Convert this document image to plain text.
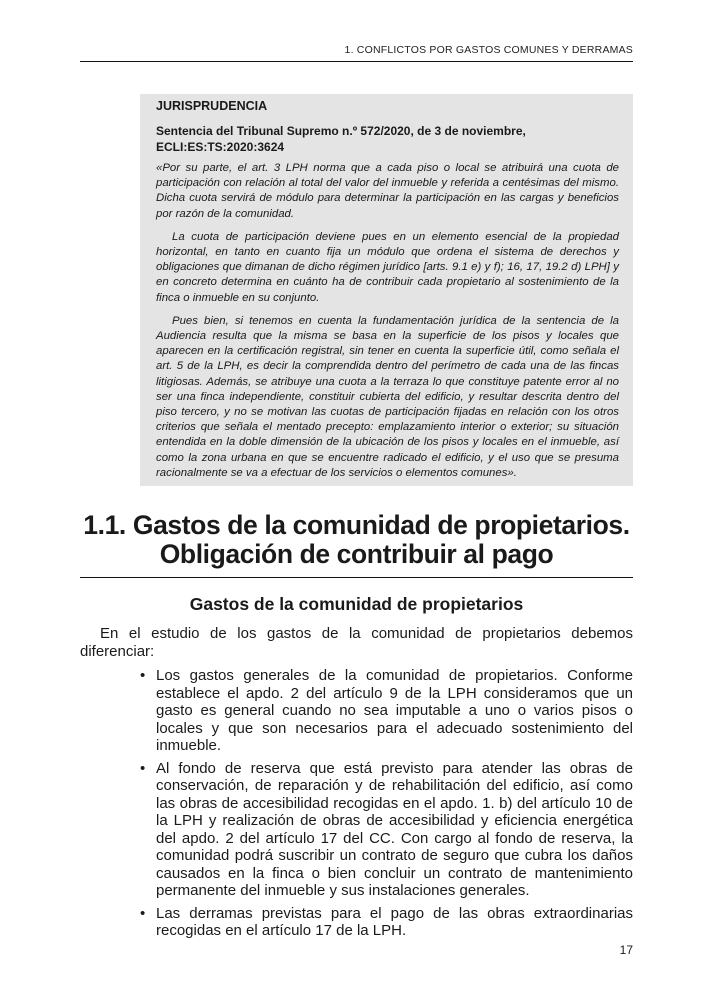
1. CONFLICTOS POR GASTOS COMUNES Y DERRAMAS

JURISPRUDENCIA

Sentencia del Tribunal Supremo n.º 572/2020, de 3 de noviembre, ECLI:ES:TS:2020:3624

«Por su parte, el art. 3 LPH norma que a cada piso o local se atribuirá una cuota de participación con relación al total del valor del inmueble y referida a centésimas del mismo. Dicha cuota servirá de módulo para determinar la participación en las cargas y beneficios por razón de la comunidad.

La cuota de participación deviene pues en un elemento esencial de la propiedad horizontal, en tanto en cuanto fija un módulo que ordena el sistema de derechos y obligaciones que dimanan de dicho régimen jurídico [arts. 9.1 e) y f); 16, 17, 19.2 d) LPH] y en concreto determina en cuánto ha de contribuir cada propietario al sostenimiento de la finca o inmueble en su conjunto.

Pues bien, si tenemos en cuenta la fundamentación jurídica de la sentencia de la Audiencia resulta que la misma se basa en la superficie de los pisos y locales que aparecen en la certificación registral, sin tener en cuenta la superficie útil, como señala el art. 5 de la LPH, es decir la comprendida dentro del perímetro de cada una de las fincas litigiosas. Además, se atribuye una cuota a la terraza lo que constituye patente error al no ser una finca independiente, constituir cubierta del edificio, y resultar descrita dentro del piso tercero, y no se motivan las cuotas de participación fijadas en relación con los otros criterios que señala el mentado precepto: emplazamiento interior o exterior; su situación entendida en la doble dimensión de la ubicación de los pisos y locales en el inmueble, así como la zona urbana en que se encuentre radicado el edificio, y el uso que se presuma racionalmente se va a efectuar de los servicios o elementos comunes».

1.1. Gastos de la comunidad de propietarios.
Obligación de contribuir al pago
Gastos de la comunidad de propietarios

En el estudio de los gastos de la comunidad de propietarios debemos diferenciar:

• Los gastos generales de la comunidad de propietarios. Conforme establece el apdo. 2 del artículo 9 de la LPH consideramos que un gasto es general cuando no sea imputable a uno o varios pisos o locales y que son necesarios para el adecuado sostenimiento del inmueble.
• Al fondo de reserva que está previsto para atender las obras de conservación, de reparación y de rehabilitación del edificio, así como las obras de accesibilidad recogidas en el apdo. 1. b) del artículo 10 de la LPH y realización de obras de accesibilidad y eficiencia energética del apdo. 2 del artículo 17 del CC. Con cargo al fondo de reserva, la comunidad podrá suscribir un contrato de seguro que cubra los daños causados en la finca o bien concluir un contrato de mantenimiento permanente del inmueble y sus instalaciones generales.
• Las derramas previstas para el pago de las obras extraordinarias recogidas en el artículo 17 de la LPH.
17
